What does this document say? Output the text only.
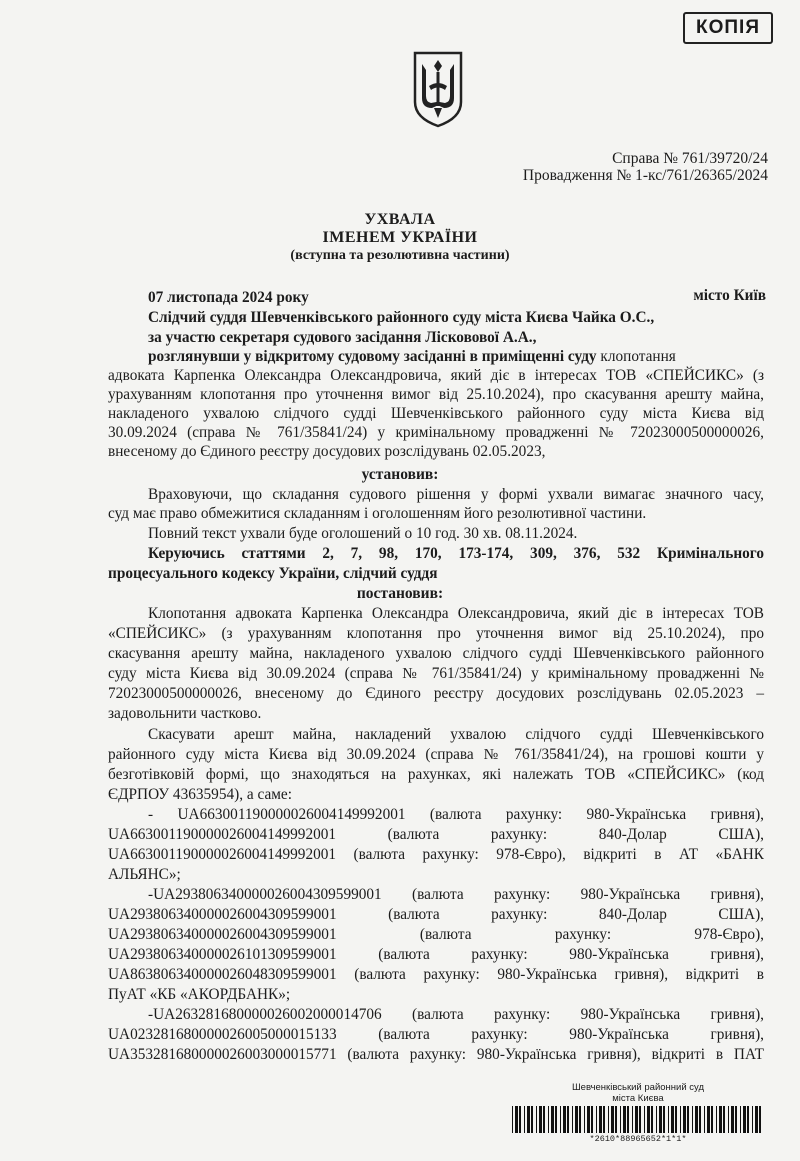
КОПІЯ
Справа № 761/39720/24
Провадження № 1-кс/761/26365/2024
УХВАЛА
ІМЕНЕМ УКРАЇНИ
(вступна та резолютивна частини)
07 листопада 2024 року	місто Київ
Слідчий суддя Шевченківського районного суду міста Києва Чайка О.С.,
за участю секретаря судового засідання Лісковової А.А.,
розглянувши у відкритому судовому засіданні в приміщенні суду клопотання
адвоката Карпенка Олександра Олександровича, який діє в інтересах ТОВ «СПЕЙСИКС» (з
урахуванням клопотання про уточнення вимог від 25.10.2024), про скасування арешту майна,
накладеного ухвалою слідчого судді Шевченківського районного суду міста Києва від
30.09.2024 (справа № 761/35841/24) у кримінальному провадженні № 72023000500000026,
внесеному до Єдиного реєстру досудових розслідувань 02.05.2023,
установив:
Враховуючи, що складання судового рішення у формі ухвали вимагає значного часу,
суд має право обмежитися складанням і оголошенням його резолютивної частини.
Повний текст ухвали буде оголошений о 10 год. 30 хв. 08.11.2024.
Керуючись статтями 2, 7, 98, 170, 173-174, 309, 376, 532 Кримінального
процесуального кодексу України, слідчий суддя
постановив:
Клопотання адвоката Карпенка Олександра Олександровича, який діє в інтересах ТОВ
«СПЕЙСИКС» (з урахуванням клопотання про уточнення вимог від 25.10.2024), про
скасування арешту майна, накладеного ухвалою слідчого судді Шевченківського районного
суду міста Києва від 30.09.2024 (справа № 761/35841/24) у кримінальному провадженні №
72023000500000026, внесеному до Єдиного реєстру досудових розслідувань 02.05.2023 –
задовольнити частково.
Скасувати арешт майна, накладений ухвалою слідчого судді Шевченківського
районного суду міста Києва від 30.09.2024 (справа № 761/35841/24), на грошові кошти у
безготівковій формі, що знаходяться на рахунках, які належать ТОВ «СПЕЙСИКС» (код
ЄДРПОУ 43635954), а саме:
- UA663001190000026004149992001 (валюта рахунку: 980-Українська гривня),
UA663001190000026004149992001 (валюта рахунку: 840-Долар США),
UA663001190000026004149992001 (валюта рахунку: 978-Євро), відкриті в АТ «БАНК
АЛЬЯНС»;
-UA293806340000026004309599001 (валюта рахунку: 980-Українська гривня),
UA293806340000026004309599001 (валюта рахунку: 840-Долар США),
UA293806340000026004309599001 (валюта рахунку: 978-Євро),
UA293806340000026101309599001 (валюта рахунку: 980-Українська гривня),
UA863806340000026048309599001 (валюта рахунку: 980-Українська гривня), відкриті в
ПуАТ «КБ «АКОРДБАНК»;
-UA263281680000026002000014706 (валюта рахунку: 980-Українська гривня),
UA023281680000026005000015133 (валюта рахунку: 980-Українська гривня),
UA353281680000026003000015771 (валюта рахунку: 980-Українська гривня), відкриті в ПАТ
Шевченківський районний суд
міста Києва
*2610*88965652*1*1*
